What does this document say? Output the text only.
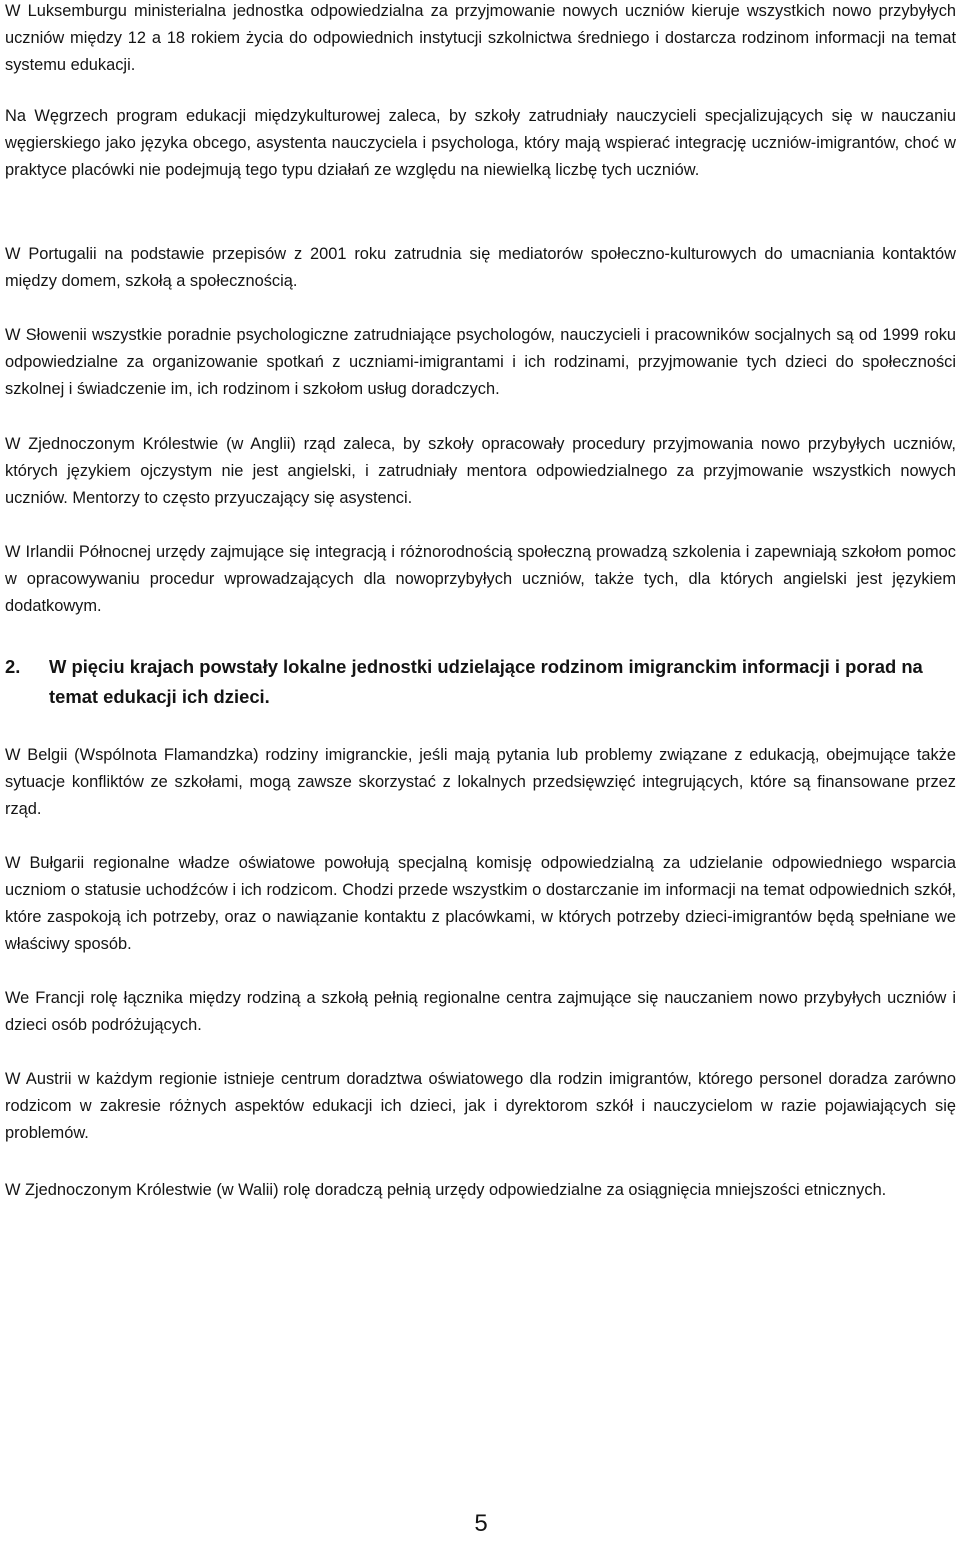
W Luksemburgu ministerialna jednostka odpowiedzialna za przyjmowanie nowych uczniów kieruje wszystkich nowo przybyłych uczniów między 12 a 18 rokiem życia do odpowiednich instytucji szkolnictwa średniego i dostarcza rodzinom informacji na temat systemu edukacji.

Na Węgrzech program edukacji międzykulturowej zaleca, by szkoły zatrudniały nauczycieli specjalizujących się w nauczaniu węgierskiego jako języka obcego, asystenta nauczyciela i psychologa, który mają wspierać integrację uczniów-imigrantów, choć w praktyce placówki nie podejmują tego typu działań ze względu na niewielką liczbę tych uczniów.

W Portugalii na podstawie przepisów z 2001 roku zatrudnia się mediatorów społeczno-kulturowych do umacniania kontaktów między domem, szkołą a społecznością.

W Słowenii wszystkie poradnie psychologiczne zatrudniające psychologów, nauczycieli i pracowników socjalnych są od 1999 roku odpowiedzialne za organizowanie spotkań z uczniami-imigrantami i ich rodzinami, przyjmowanie tych dzieci do społeczności szkolnej i świadczenie im, ich rodzinom i szkołom usług doradczych.

W Zjednoczonym Królestwie (w Anglii) rząd zaleca, by szkoły opracowały procedury przyjmowania nowo przybyłych uczniów, których językiem ojczystym nie jest angielski, i zatrudniały mentora odpowiedzialnego za przyjmowanie wszystkich nowych uczniów. Mentorzy to często przyuczający się asystenci.

W Irlandii Północnej urzędy zajmujące się integracją i różnorodnością społeczną prowadzą szkolenia i zapewniają szkołom pomoc w opracowywaniu procedur wprowadzających dla nowoprzybyłych uczniów, także tych, dla których angielski jest językiem dodatkowym.

2. W pięciu krajach powstały lokalne jednostki udzielające rodzinom imigranckim informacji i porad na temat edukacji ich dzieci.

W Belgii (Wspólnota Flamandzka) rodziny imigranckie, jeśli mają pytania lub problemy związane z edukacją, obejmujące także sytuacje konfliktów ze szkołami, mogą zawsze skorzystać z lokalnych przedsięwzięć integrujących, które są finansowane przez rząd.

W Bułgarii regionalne władze oświatowe powołują specjalną komisję odpowiedzialną za udzielanie odpowiedniego wsparcia uczniom o statusie uchodźców i ich rodzicom. Chodzi przede wszystkim o dostarczanie im informacji na temat odpowiednich szkół, które zaspokoją ich potrzeby, oraz o nawiązanie kontaktu z placówkami, w których potrzeby dzieci-imigrantów będą spełniane we właściwy sposób.

We Francji rolę łącznika między rodziną a szkołą pełnią regionalne centra zajmujące się nauczaniem nowo przybyłych uczniów i dzieci osób podróżujących.

W Austrii w każdym regionie istnieje centrum doradztwa oświatowego dla rodzin imigrantów, którego personel doradza zarówno rodzicom w zakresie różnych aspektów edukacji ich dzieci, jak i dyrektorom szkół i nauczycielom w razie pojawiających się problemów.

W Zjednoczonym Królestwie (w Walii) rolę doradczą pełnią urzędy odpowiedzialne za osiągnięcia mniejszości etnicznych.

5
